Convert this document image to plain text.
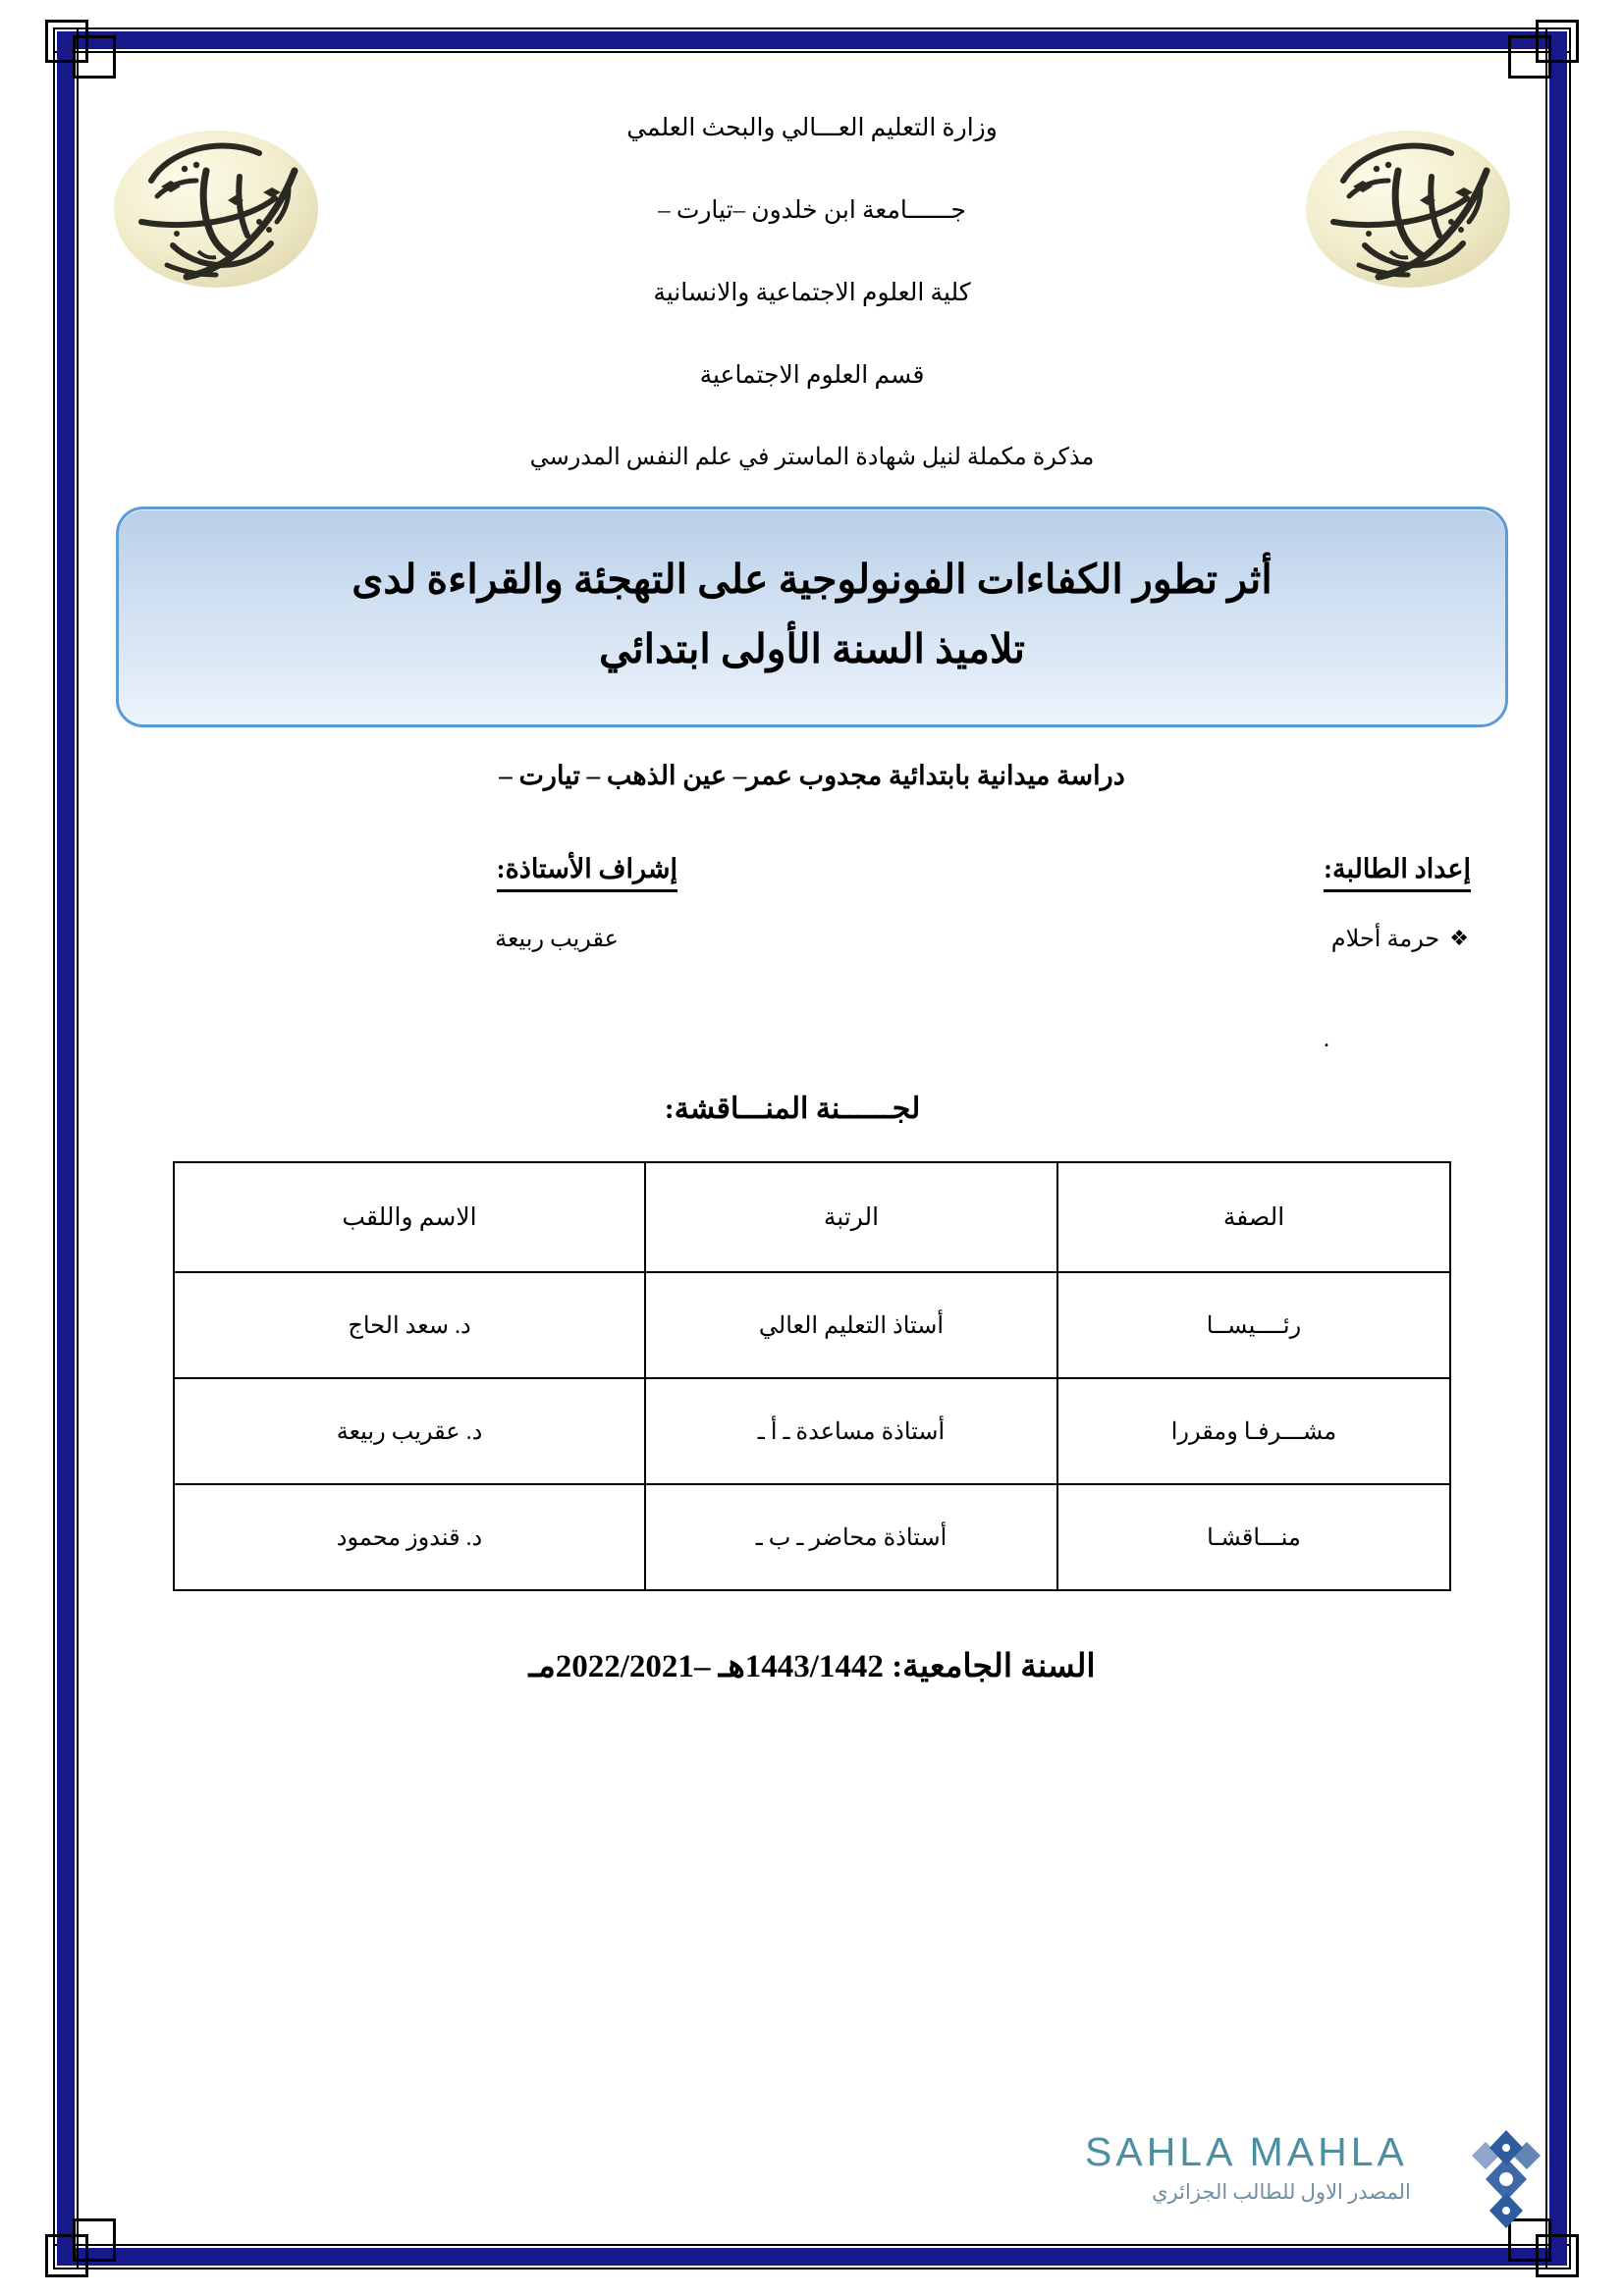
وزارة التعليم العـــالي والبحث العلمي
جــــــامعة ابن خلدون –تيارت –
كلية العلوم الاجتماعية والانسانية
قسم العلوم الاجتماعية
مذكرة مكملة لنيل شهادة الماستر في علم النفس المدرسي
أثر تطور الكفاءات الفونولوجية على التهجئة والقراءة لدى
تلاميذ السنة الأولى ابتدائي
دراسة ميدانية بابتدائية مجدوب عمر– عين الذهب – تيارت –
إعداد الطالبة:
❖حرمة أحلام
إشراف الأستاذة:
عقريب ربيعة
.
لجــــــنة المنـــاقشة:
الصفة	الرتبة	الاسم واللقب
رئــــيســا	أستاذ التعليم العالي	د. سعد الحاج
مشـــرفـا ومقررا	أستاذة مساعدة ـ أ ـ	د. عقريب ربيعة
منـــاقشـا	أستاذة محاضر ـ ب ـ	د. قندوز محمود
السنة الجامعية: 1443/1442هـ –2022/2021مـ
SAHLA MAHLA
المصدر الاول للطالب الجزائري
